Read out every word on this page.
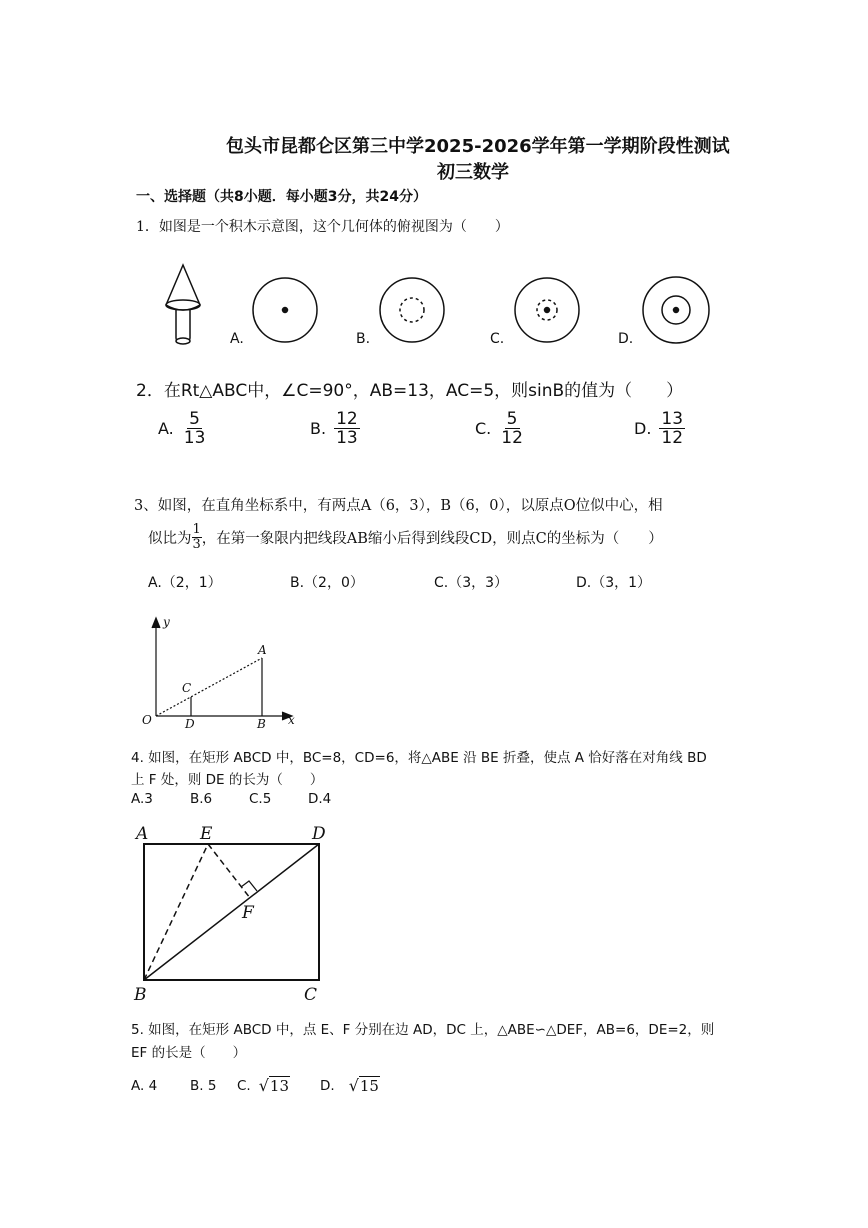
包头市昆都仑区第三中学2025-2026学年第一学期阶段性测试
初三数学
一、选择题（共8小题．每小题3分，共24分）
1．如图是一个积木示意图，这个几何体的俯视图为（　　）
A.	B.	C.	D.
2．在Rt△ABC中，∠C=90°，AB=13，AC=5，则sinB的值为（　　）
A. $\frac{5}{13}$	B. $\frac{12}{13}$	C. $\frac{5}{12}$	D. $\frac{13}{12}$
3、如图，在直角坐标系中，有两点A（6，3），B（6，0），以原点O位似中心，相
似比为 $\frac{1}{3}$ ，在第一象限内把线段AB缩小后得到线段CD，则点C的坐标为（　　）
A.（2，1）	B.（2，0）	C.（3，3）	D.（3，1）
y
x
O
A
B
C
D
4. 如图，在矩形 ABCD 中，BC=8，CD=6，将△ABE 沿 BE 折叠，使点 A 恰好落在对角线 BD
上 F 处，则 DE 的长为（　　）
A.3	B.6	C.5	D.4
A	E	D
F
B	C
5. 如图，在矩形 ABCD 中，点 E、F 分别在边 AD，DC 上，△ABE∽△DEF，AB=6，DE=2，则
EF 的长是（　　）
A. 4 B. 5 C. √ 13 D. √ 15
